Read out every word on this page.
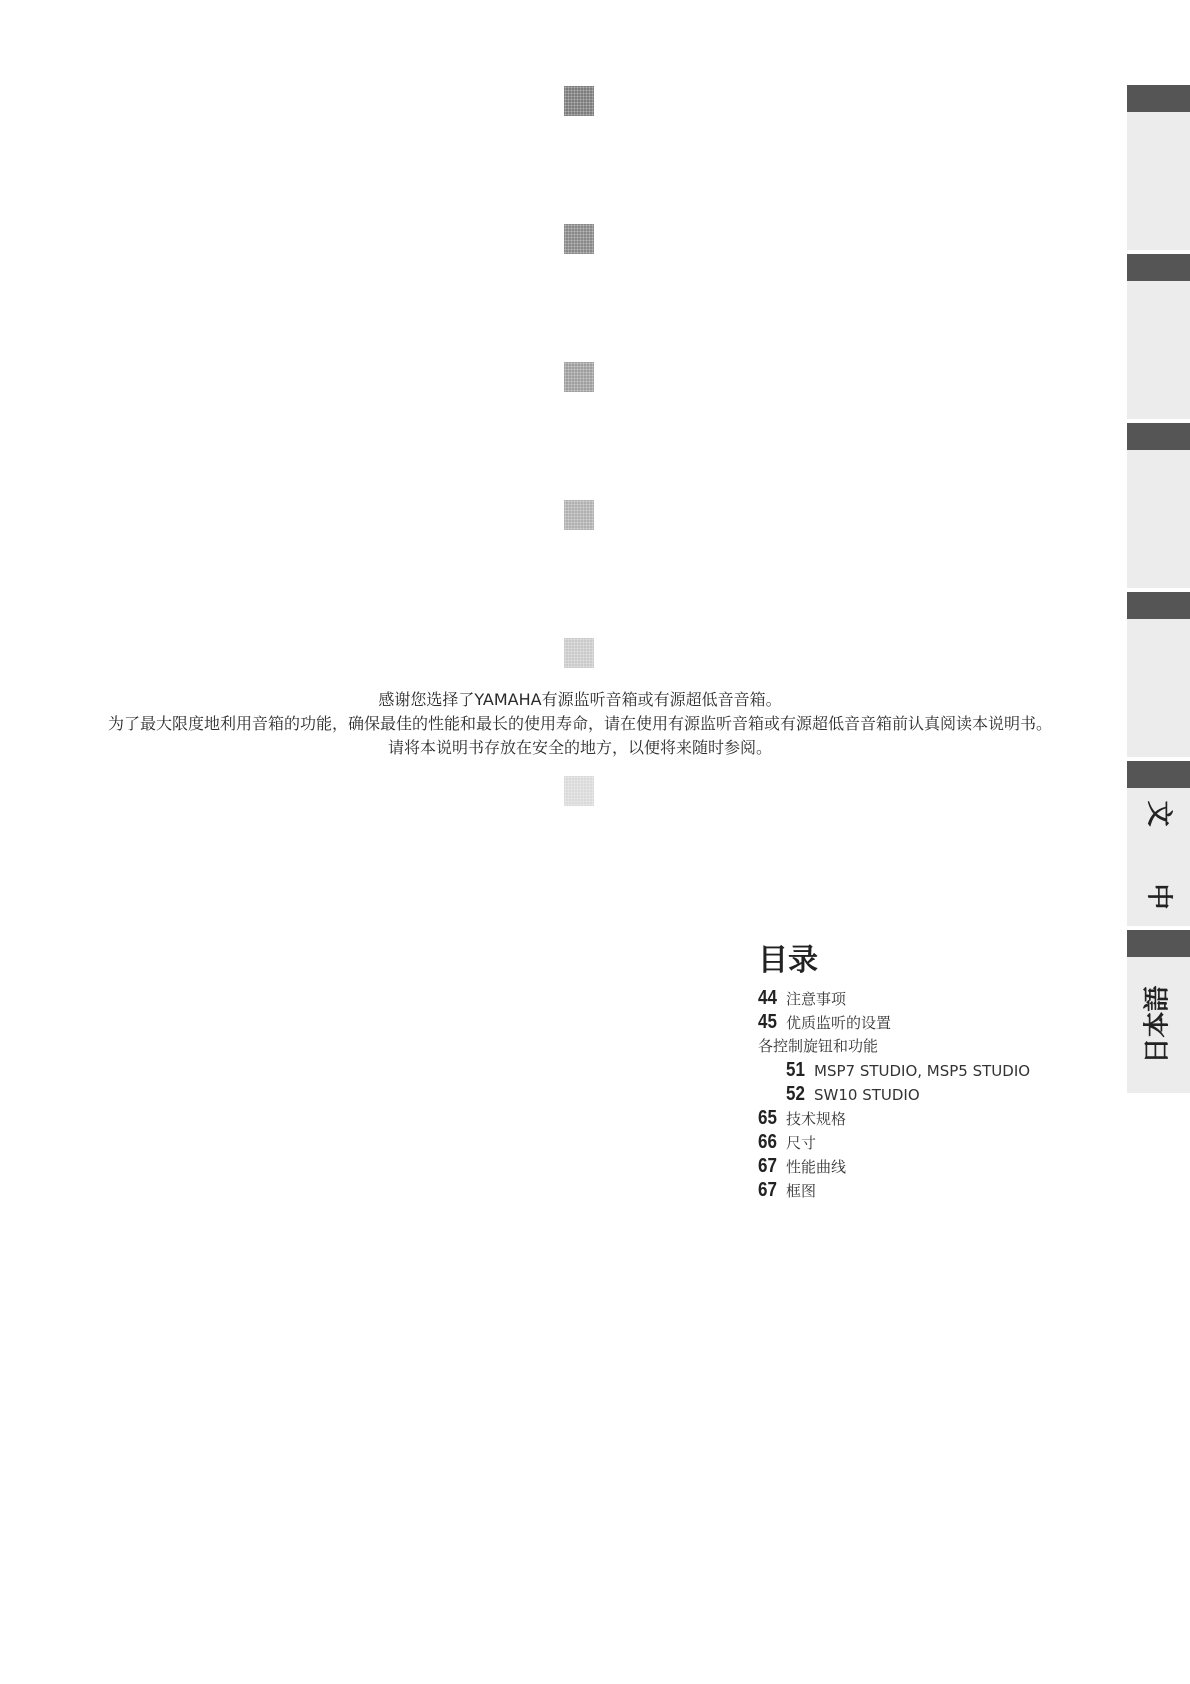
感谢您选择了YAMAHA有源监听音箱或有源超低音音箱。
为了最大限度地利用音箱的功能，确保最佳的性能和最长的使用寿命，请在使用有源监听音箱或有源超低音音箱前认真阅读本说明书。
请将本说明书存放在安全的地方，以便将来随时参阅。
文
中
日
本
語
目录
44 注意事项
45 优质监听的设置
各控制旋钮和功能
51 MSP7 STUDIO, MSP5 STUDIO
52 SW10 STUDIO
65 技术规格
66 尺寸
67 性能曲线
67 框图
